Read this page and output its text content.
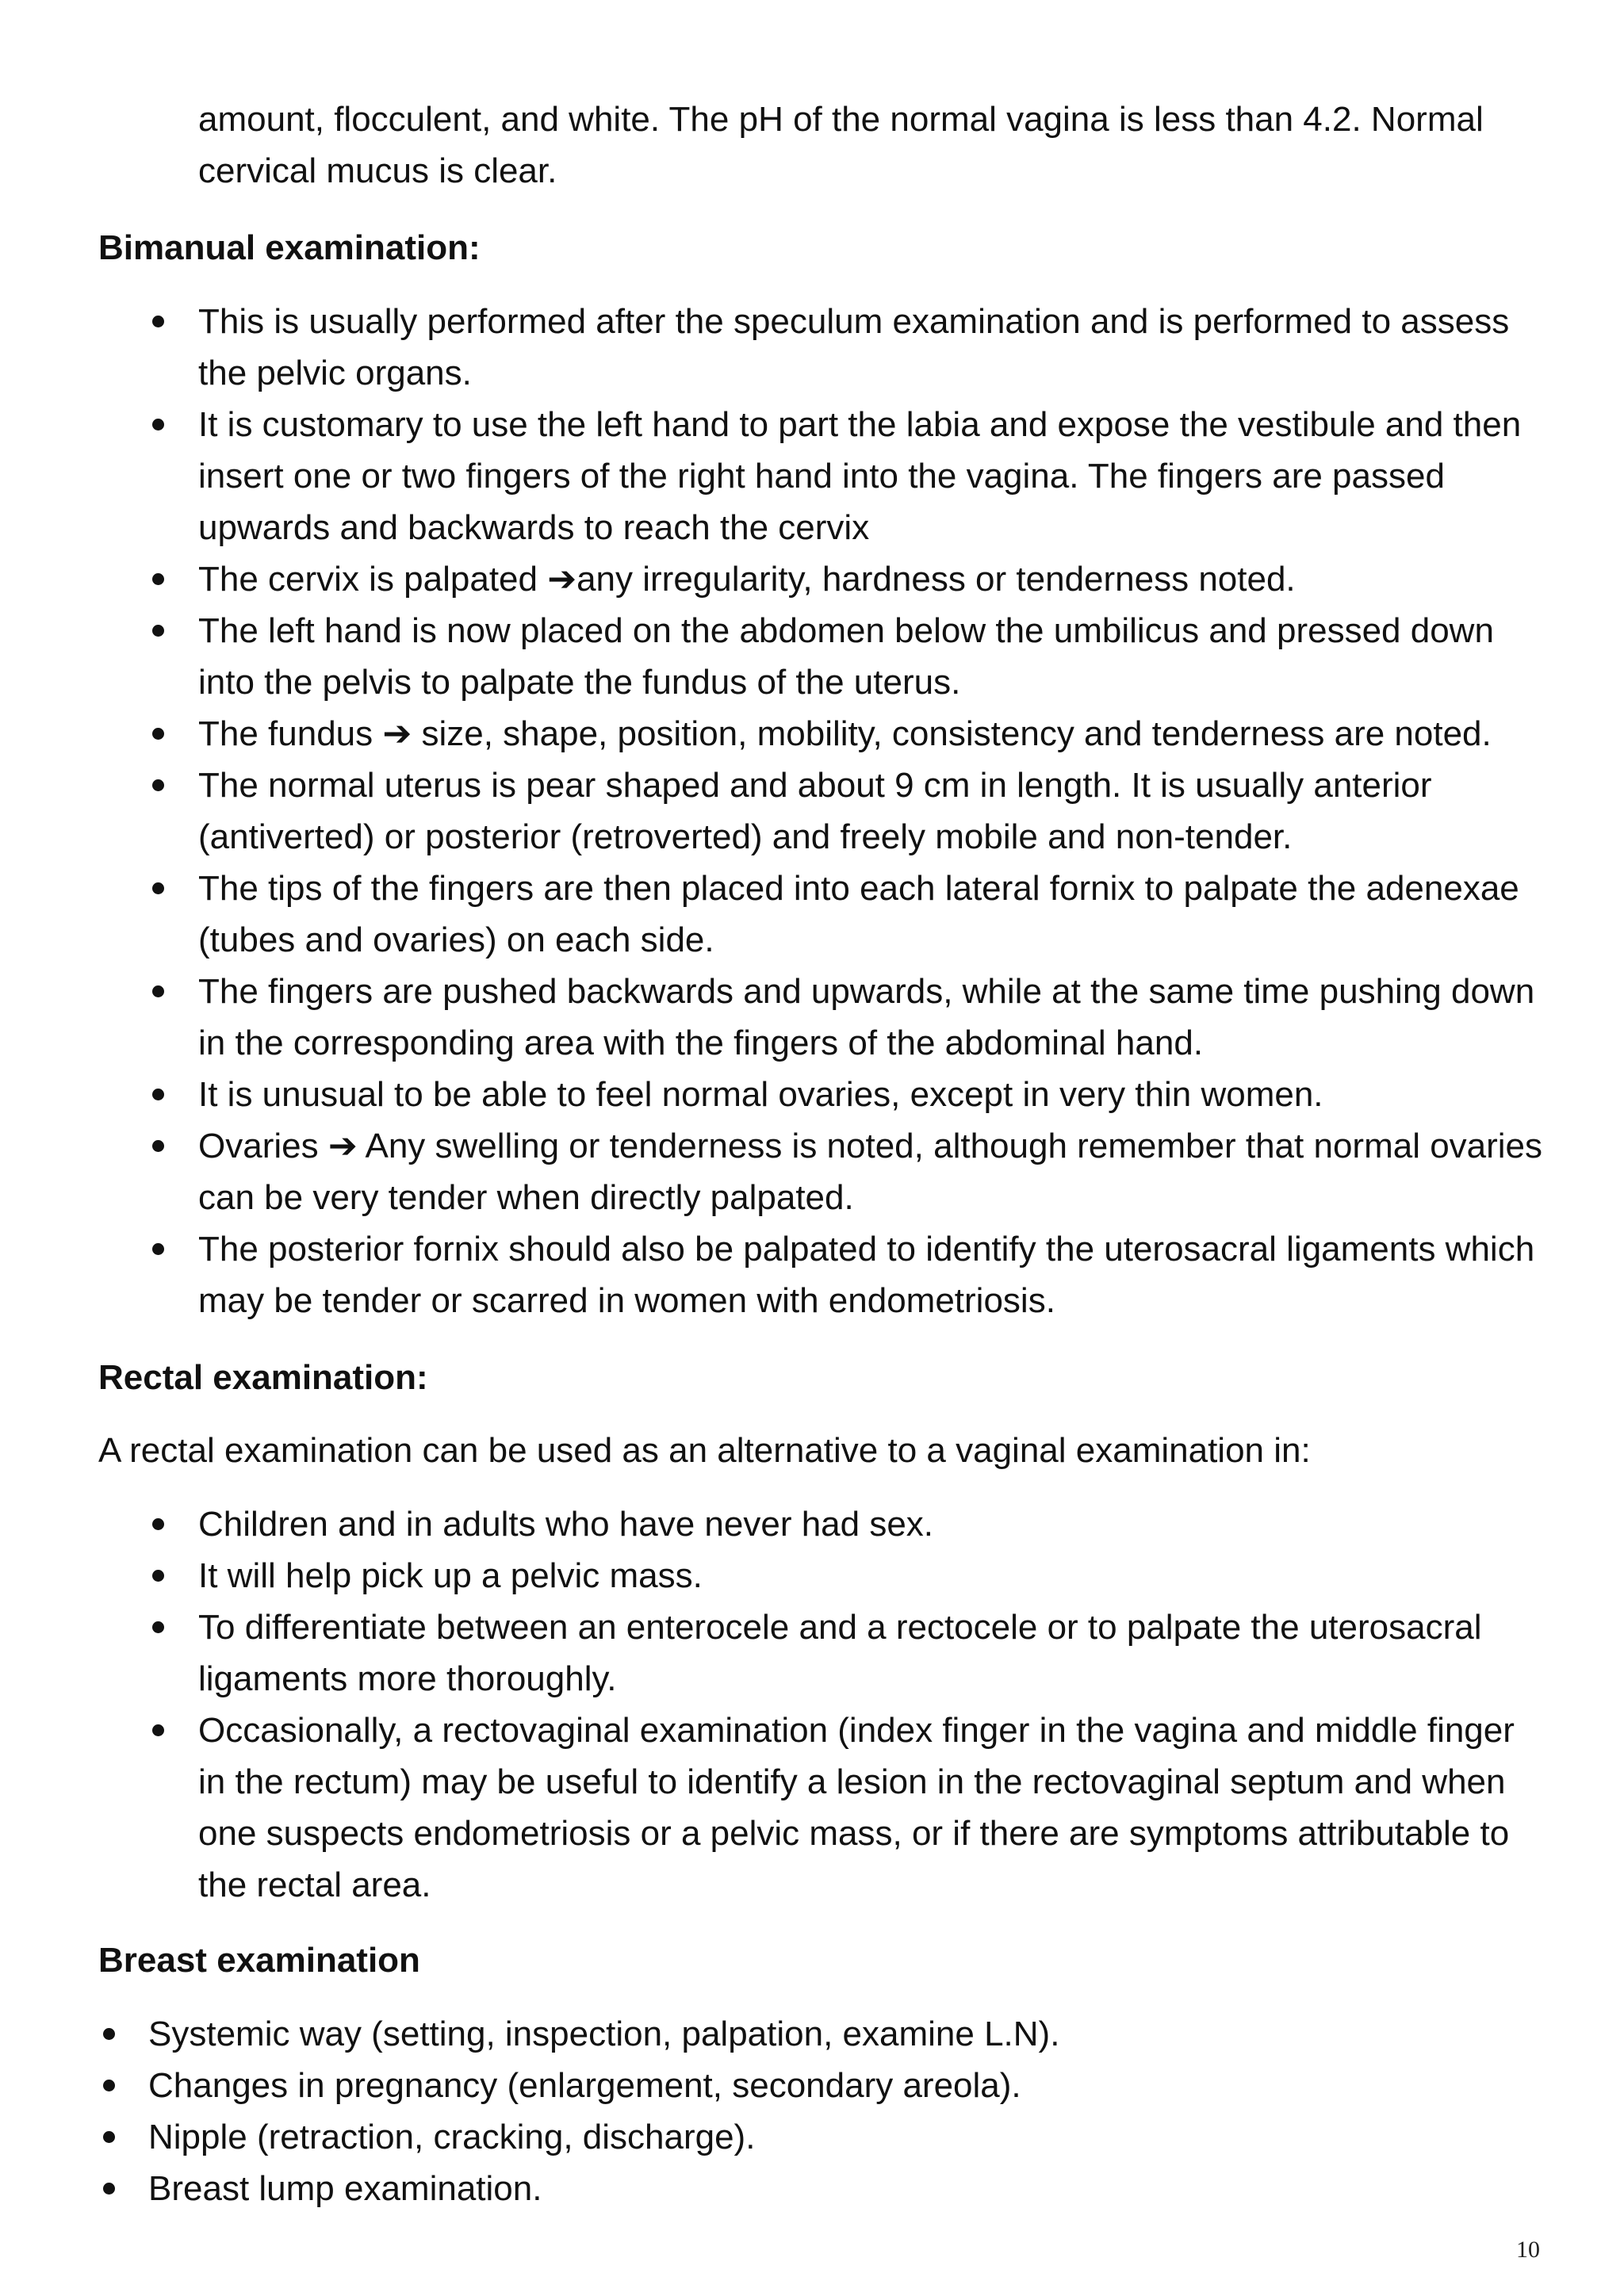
amount, flocculent, and white. The pH of the normal vagina is less than 4.2. Normal cervical mucus is clear.
Bimanual examination:
This is usually performed after the speculum examination and is performed to assess the pelvic organs.
It is customary to use the left hand to part the labia and expose the vestibule and then insert one or two fingers of the right hand into the vagina. The fingers are passed upwards and backwards to reach the cervix
The cervix is palpated ➔any irregularity, hardness or tenderness noted.
The left hand is now placed on the abdomen below the umbilicus and pressed down into the pelvis to palpate the fundus of the uterus.
The fundus ➔ size, shape, position, mobility, consistency and tenderness are noted.
The normal uterus is pear shaped and about 9 cm in length. It is usually anterior (antiverted) or posterior (retroverted) and freely mobile and non-tender.
The tips of the fingers are then placed into each lateral fornix to palpate the adenexae (tubes and ovaries) on each side.
The fingers are pushed backwards and upwards, while at the same time pushing down in the corresponding area with the fingers of the abdominal hand.
It is unusual to be able to feel normal ovaries, except in very thin women.
Ovaries ➔ Any swelling or tenderness is noted, although remember that normal ovaries can be very tender when directly palpated.
The posterior fornix should also be palpated to identify the uterosacral ligaments which may be tender or scarred in women with endometriosis.
Rectal examination:
A rectal examination can be used as an alternative to a vaginal examination in:
Children and in adults who have never had sex.
It will help pick up a pelvic mass.
To differentiate between an enterocele and a rectocele or to palpate the uterosacral ligaments more thoroughly.
Occasionally, a rectovaginal examination (index finger in the vagina and middle finger in the rectum) may be useful to identify a lesion in the rectovaginal septum and when one suspects endometriosis or a pelvic mass, or if there are symptoms attributable to the rectal area.
Breast examination
Systemic way (setting, inspection, palpation, examine L.N).
Changes in pregnancy (enlargement, secondary areola).
Nipple (retraction, cracking, discharge).
Breast lump examination.
10
